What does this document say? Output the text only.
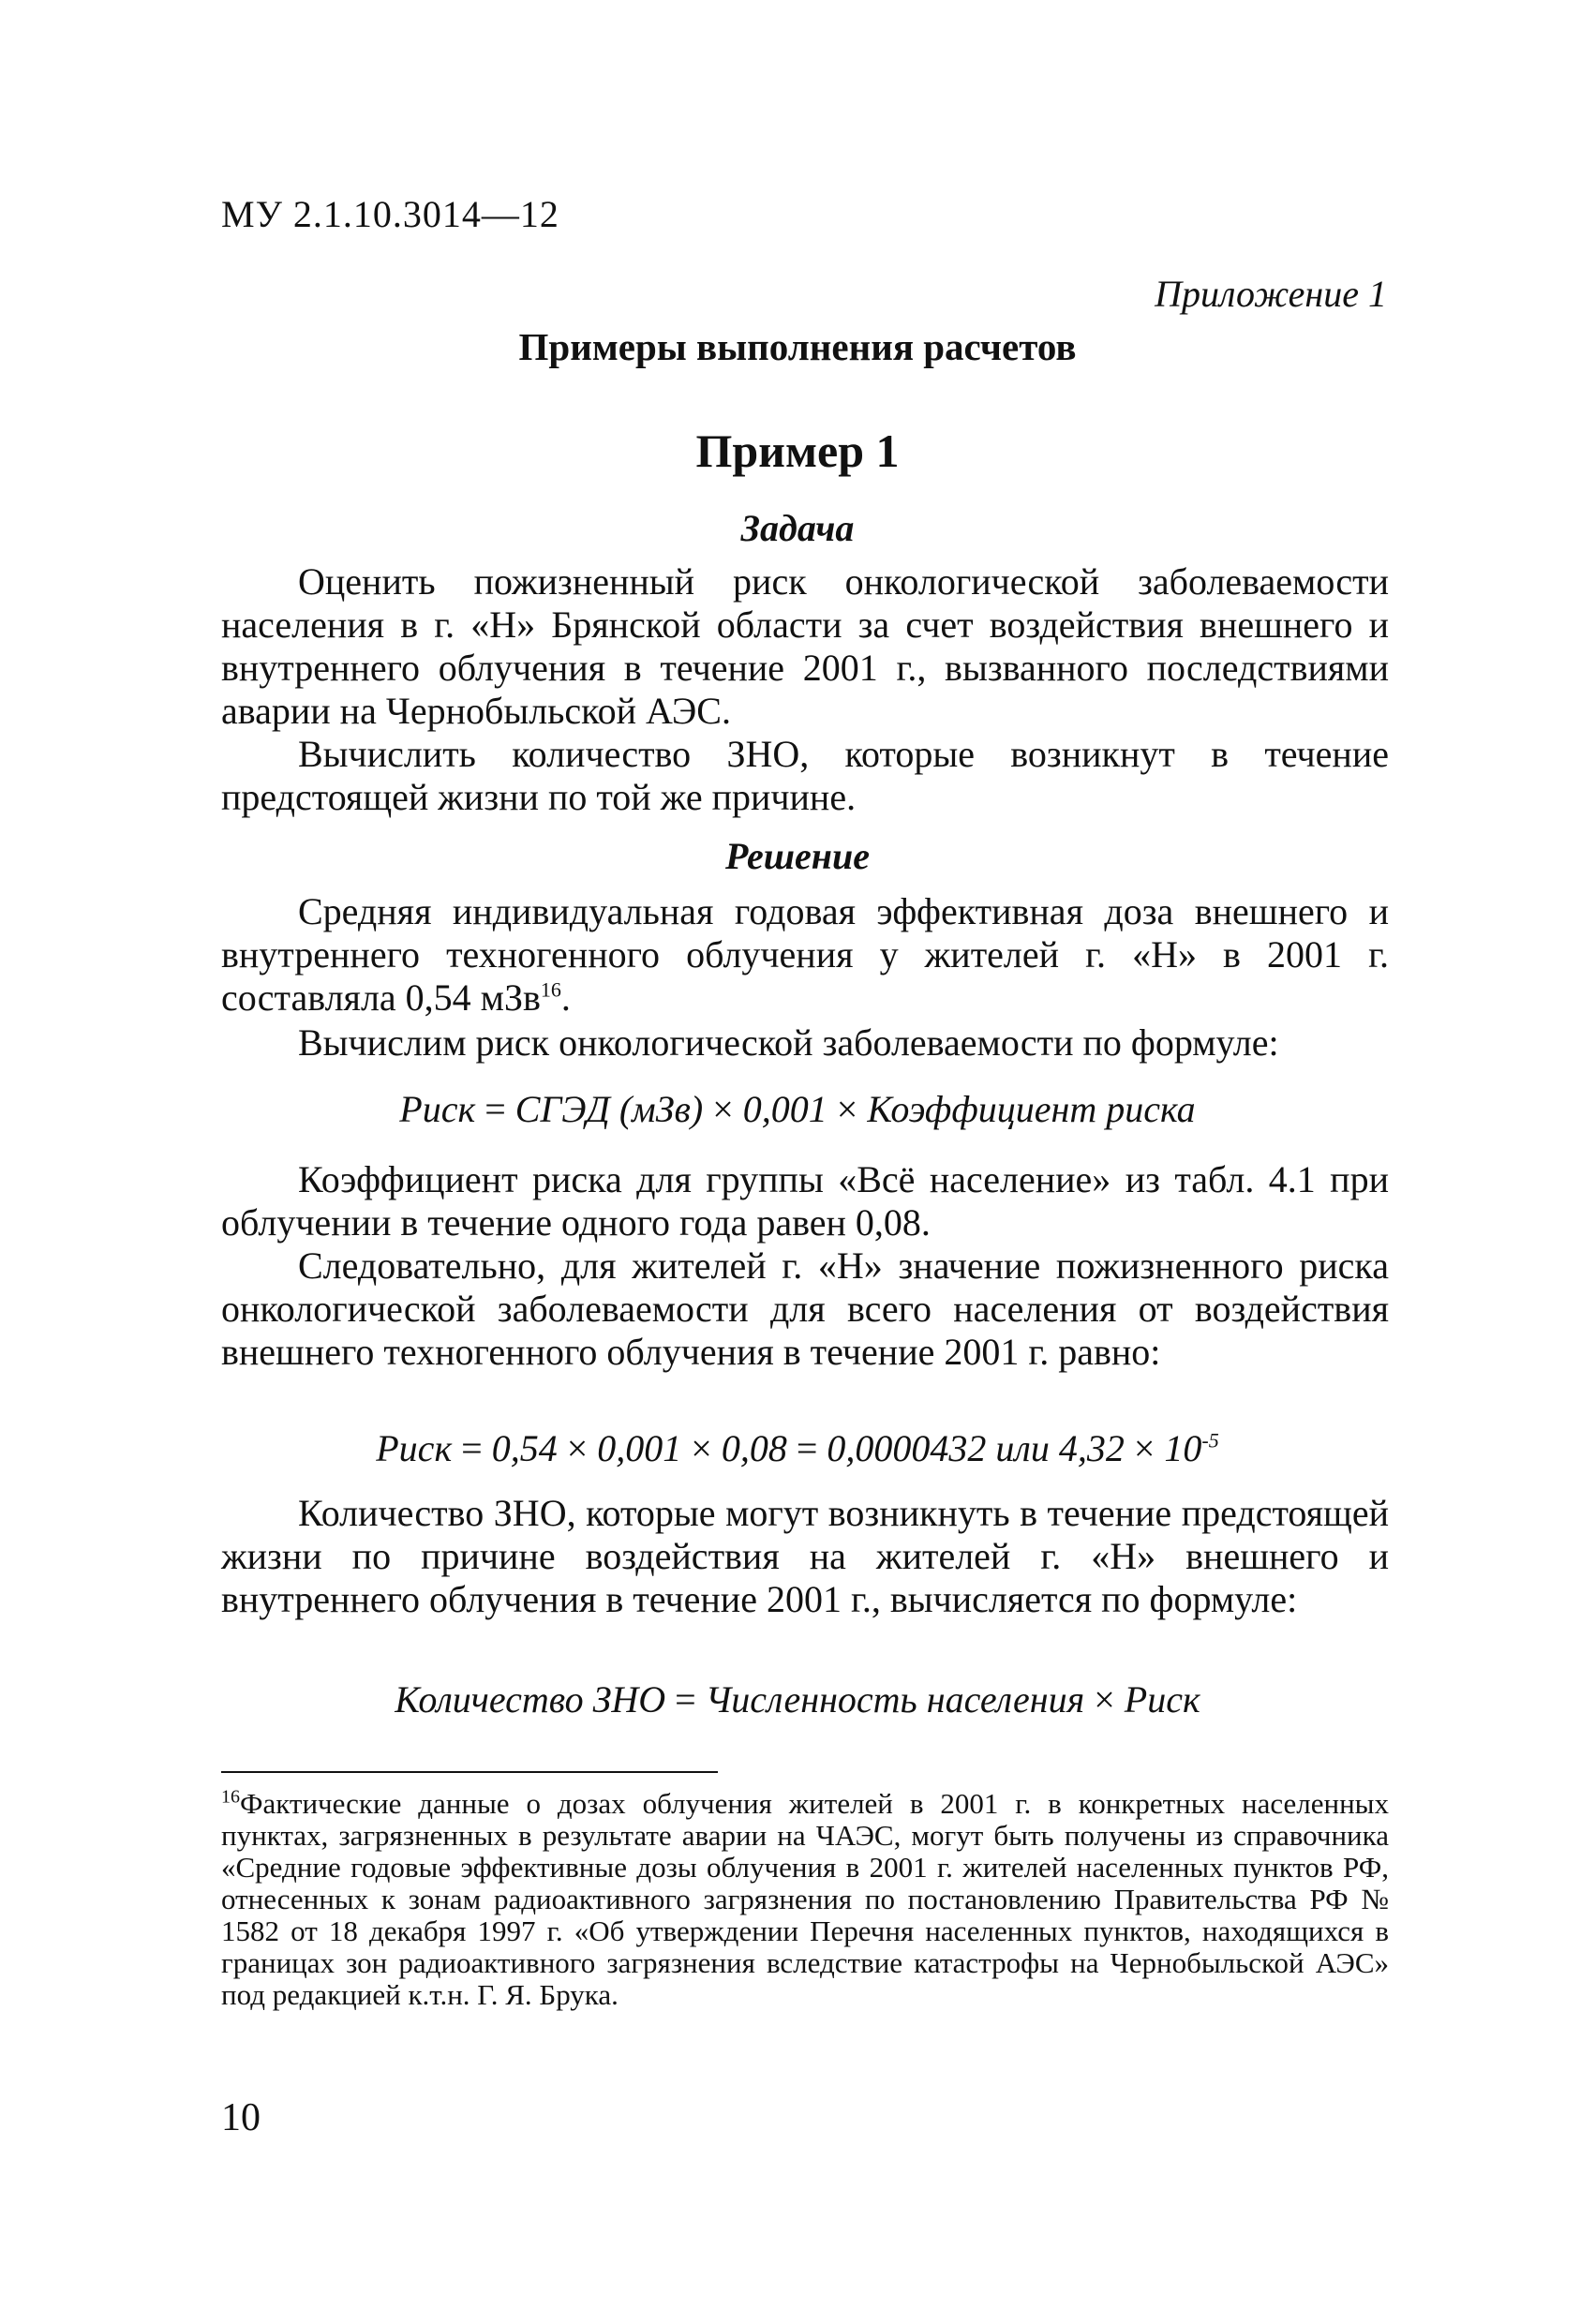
МУ 2.1.10.3014—12
Приложение 1
Примеры выполнения расчетов
Пример 1
Задача

Оценить пожизненный риск онкологической заболеваемости населения в г. «Н» Брянской области за счет воздействия внешнего и внутреннего облучения в течение 2001 г., вызванного последствиями аварии на Чернобыльской АЭС.

Вычислить количество ЗНО, которые возникнут в течение предстоящей жизни по той же причине.

Решение

Средняя индивидуальная годовая эффективная доза внешнего и внутреннего техногенного облучения у жителей г. «Н» в 2001 г. составляла 0,54 мЗв$^{16}$.

Вычислим риск онкологической заболеваемости по формуле:

Риск = СГЭД (мЗв) × 0,001 × Коэффициент риска

Коэффициент риска для группы «Всё население» из табл. 4.1 при облучении в течение одного года равен 0,08.

Следовательно, для жителей г. «Н» значение пожизненного риска онкологической заболеваемости для всего населения от воздействия внешнего техногенного облучения в течение 2001 г. равно:

Риск = 0,54 × 0,001 × 0,08 = 0,0000432 или $4,32 \times 10^{-5}$

Количество ЗНО, которые могут возникнуть в течение предстоящей жизни по причине воздействия на жителей г. «Н» внешнего и внутреннего облучения в течение 2001 г., вычисляется по формуле:

Количество ЗНО = Численность населения × Риск

$^{16}$Фактические данные о дозах облучения жителей в 2001 г. в конкретных населенных пунктах, загрязненных в результате аварии на ЧАЭС, могут быть получены из справочника «Средние годовые эффективные дозы облучения в 2001 г. жителей населенных пунктов РФ, отнесенных к зонам радиоактивного загрязнения по постановлению Правительства РФ № 1582 от 18 декабря 1997 г. «Об утверждении Перечня населенных пунктов, находящихся в границах зон радиоактивного загрязнения вследствие катастрофы на Чернобыльской АЭС» под редакцией к.т.н. Г. Я. Брука.

10
